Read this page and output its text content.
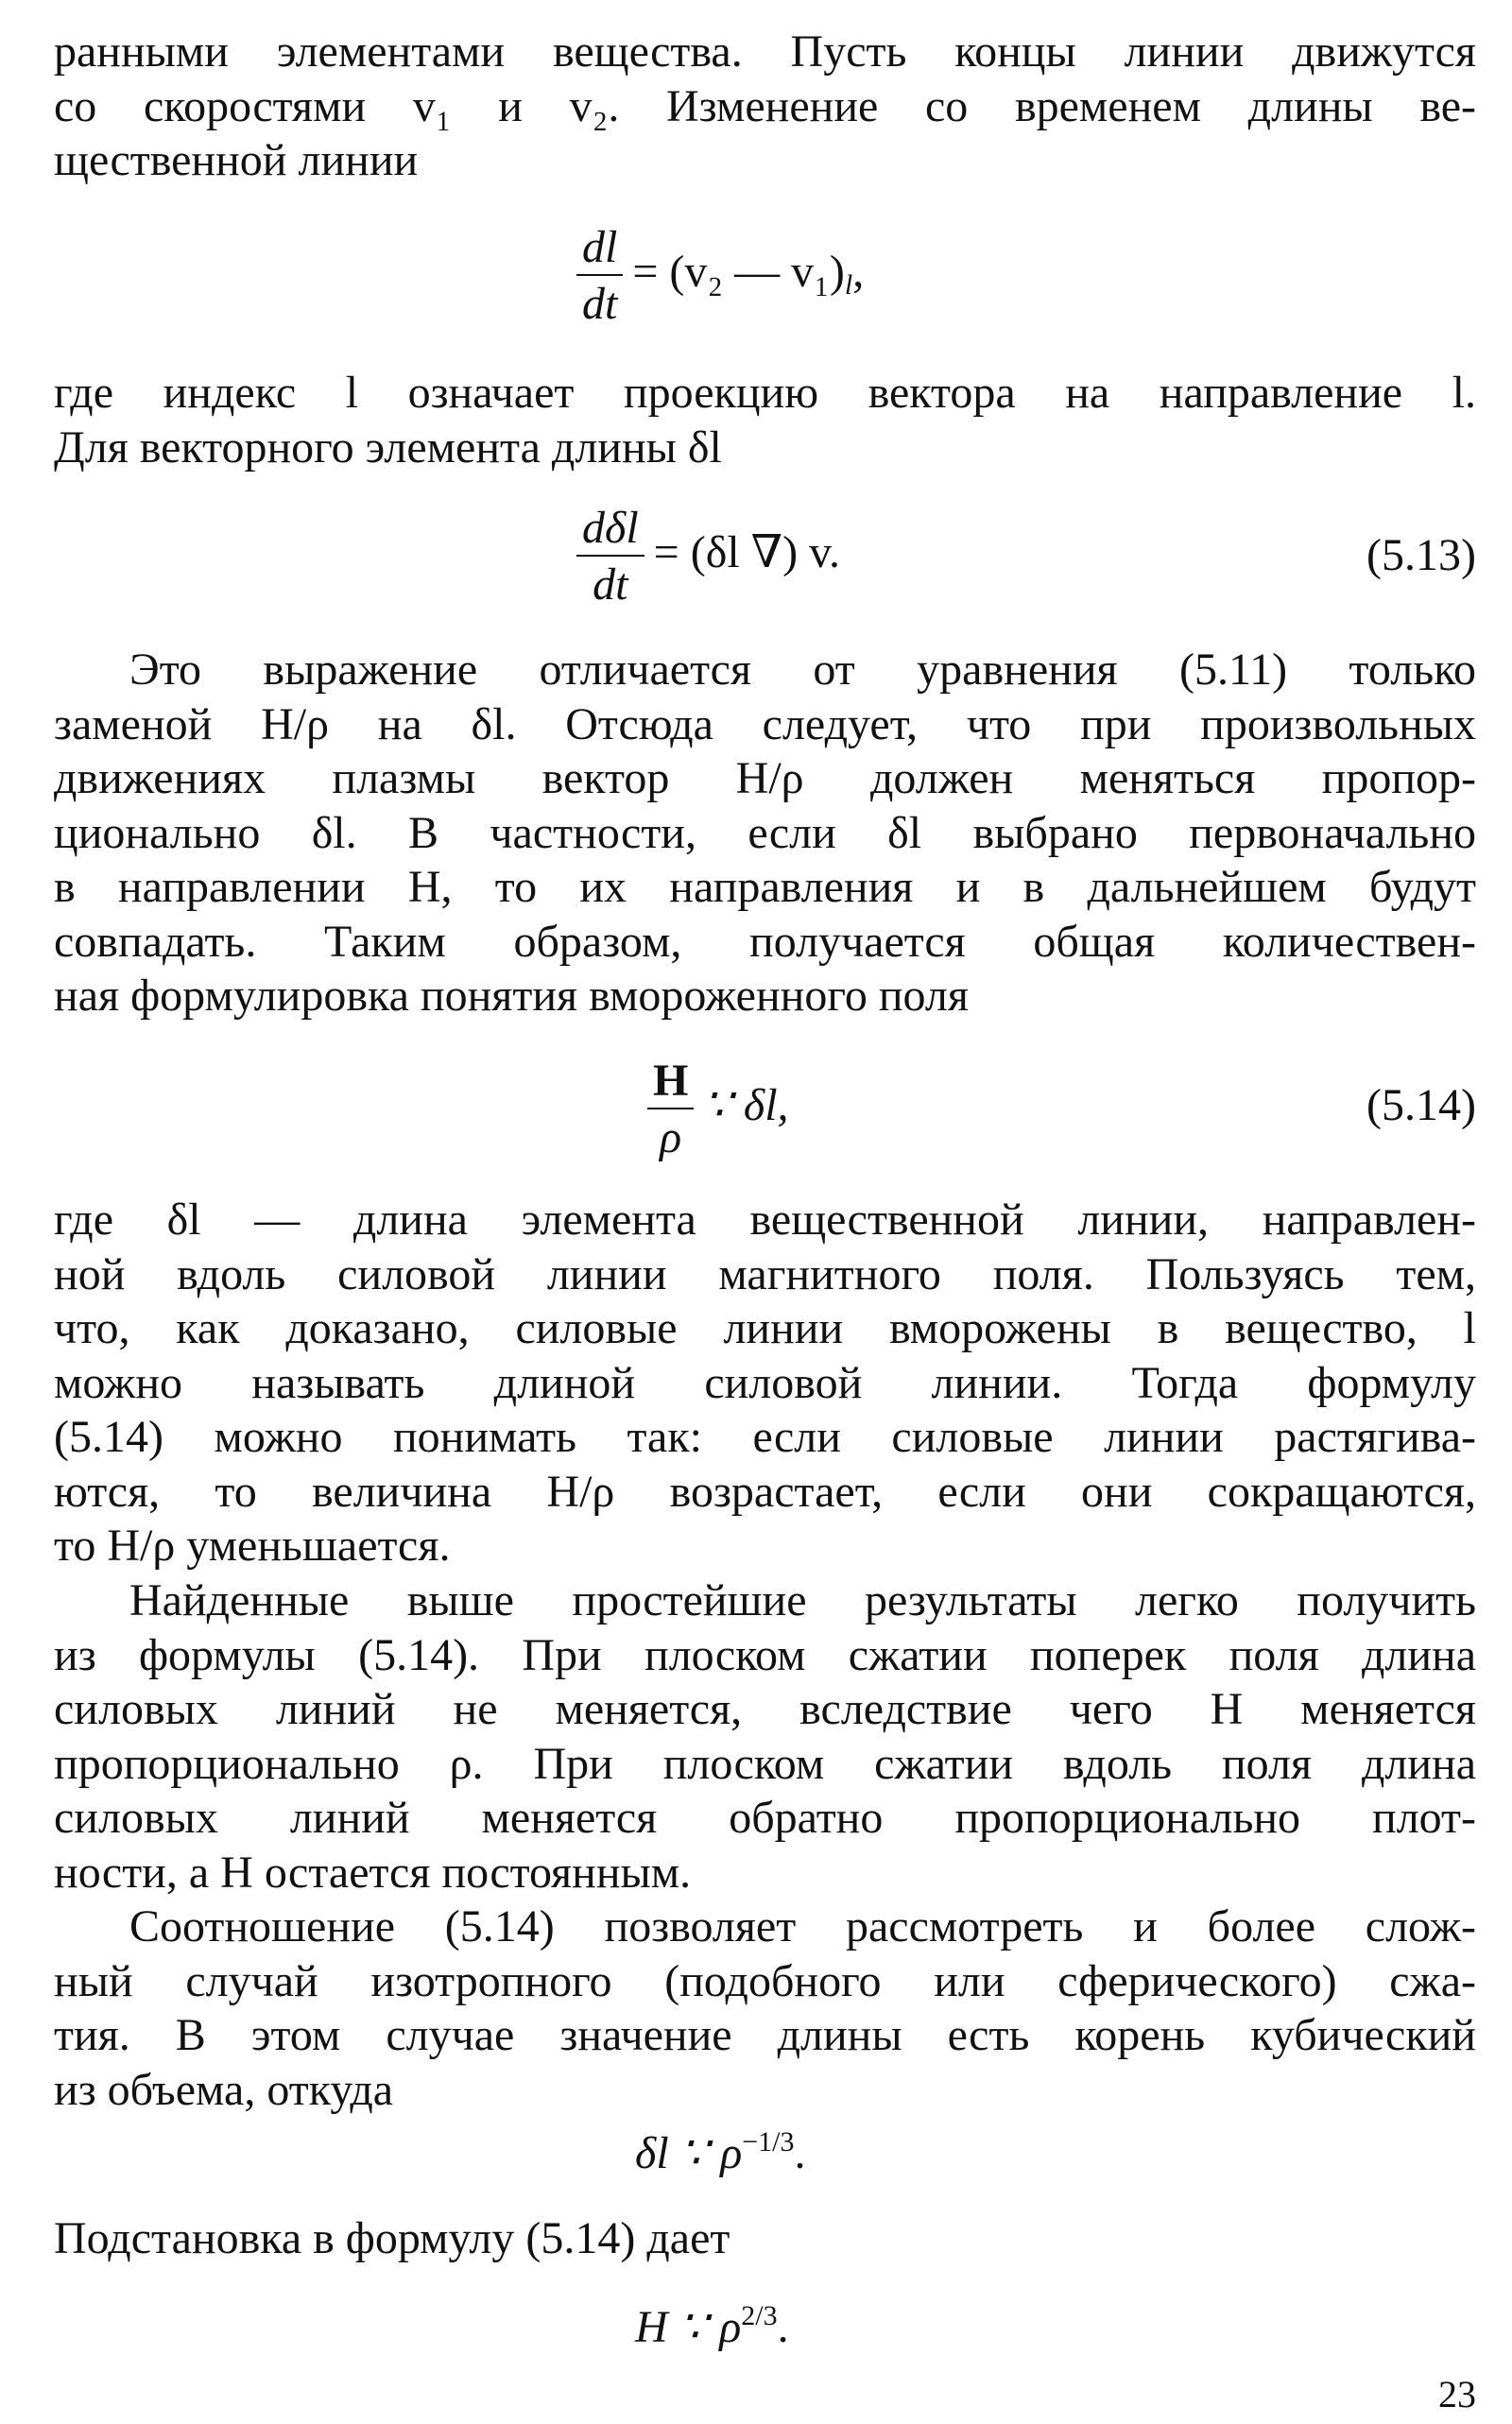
ранными элементами вещества. Пусть концы линии движутся
со скоростями v₁ и v₂. Изменение со временем длины ве-
щественной линии
$\frac{dl}{dt} = (v_2$ — $v_1)_l$,
где индекс l означает проекцию вектора на направление l.
Для векторного элемента длины δl
$\frac{\text{dδl}}{dt} = (\delta l$ ∇) v.	(5.13)
Это выражение отличается от уравнения (5.11) только
заменой H/ρ на δl. Отсюда следует, что при произвольных
движениях плазмы вектор H/ρ должен меняться пропор-
ционально δl. В частности, если δl выбрано первоначально
в направлении H, то их направления и в дальнейшем будут
совпадать. Таким образом, получается общая количествен-
ная формулировка понятия вмороженного поля
$\frac{H}{\rho}$ ∵ δl,	(5.14)
где δl — длина элемента вещественной линии, направлен-
ной вдоль силовой линии магнитного поля. Пользуясь тем,
что, как доказано, силовые линии вморожены в вещество, l
можно называть длиной силовой линии. Тогда формулу
(5.14) можно понимать так: если силовые линии растягива-
ются, то величина H/ρ возрастает, если они сокращаются,
то H/ρ уменьшается.
Найденные выше простейшие результаты легко получить
из формулы (5.14). При плоском сжатии поперек поля длина
силовых линий не меняется, вследствие чего H меняется
пропорционально ρ. При плоском сжатии вдоль поля длина
силовых линий меняется обратно пропорционально плот-
ности, а H остается постоянным.
Соотношение (5.14) позволяет рассмотреть и более слож-
ный случай изотропного (подобного или сферического) сжа-
тия. В этом случае значение длины есть корень кубический
из объема, откуда
δl ∵ $\rho^{-1/3}$.
Подстановка в формулу (5.14) дает
H ∵ $\rho^{2/3}$.
23
